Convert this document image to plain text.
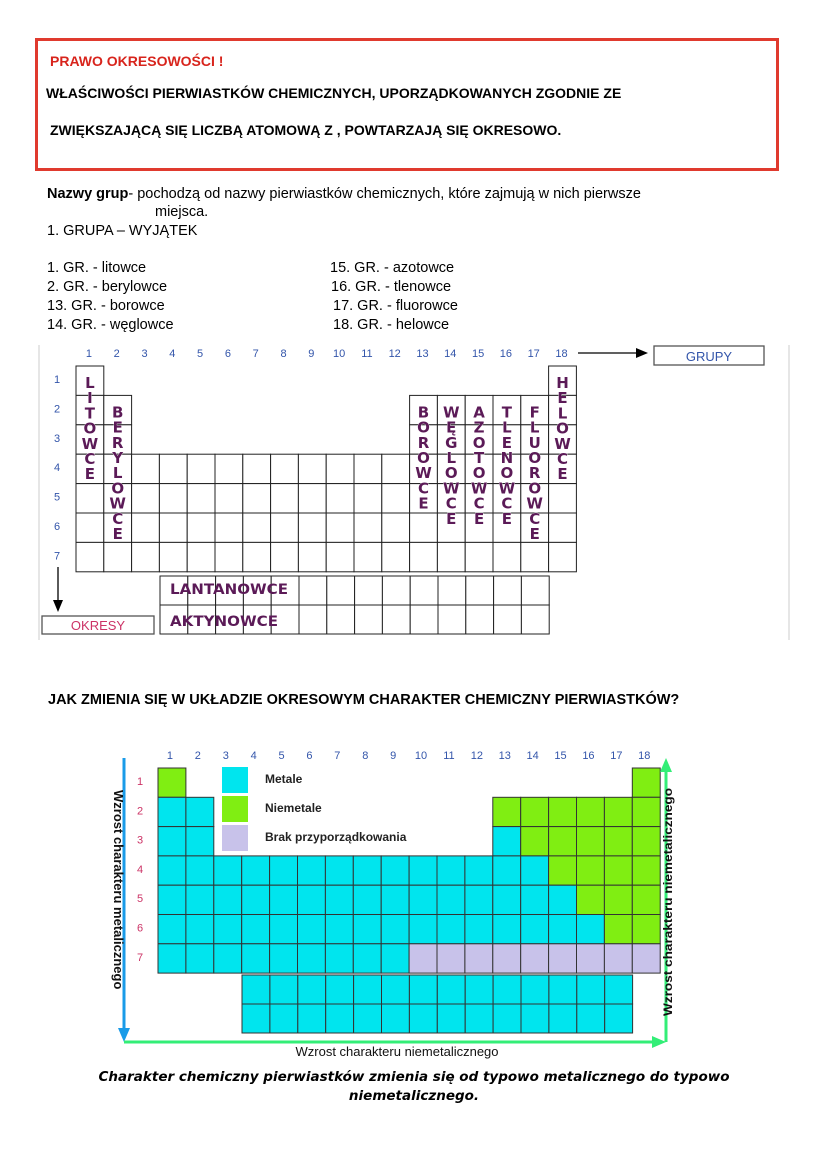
PRAWO OKRESOWOŚCI !
WŁAŚCIWOŚCI PIERWIASTKÓW CHEMICZNYCH, UPORZĄDKOWANYCH ZGODNIE ZE
ZWIĘKSZAJĄCĄ SIĘ LICZBĄ ATOMOWĄ Z , POWTARZAJĄ SIĘ OKRESOWO.
Nazwy grup- pochodzą od nazwy pierwiastków chemicznych, które zajmują w nich pierwsze
miejsca.
1. GRUPA – WYJĄTEK
1. GR. - litowce
2. GR. - berylowce
13. GR. - borowce
14. GR. - węglowce
15. GR. - azotowce
16. GR. - tlenowce
17. GR. - fluorowce
18. GR. - helowce
1 2 3 4 5 6 7 8 9 10 11 12 13 14 15 16 17 18
1
2
3
4
5
6
7
L
I
T
O
W
C
E
B
E
R
Y
L
O
W
C
E
B
O
R
O
W
C
E
W
Ę
G
L
O
W
C
E
A
Z
O
T
O
W
C
E
T
L
E
N
O
W
C
E
F
L
U
O
R
O
W
C
E
H
E
L
O
W
C
E
LANTANOWCE
AKTYNOWCE
GRUPY
OKRESY
JAK ZMIENIA SIĘ W UKŁADZIE OKRESOWYM CHARAKTER CHEMICZNY PIERWIASTKÓW?
1 2 3 4 5 6 7 8 9 10 11 12 13 14 15 16 17 18
1
2
3
4
5
6
7
Metale
Niemetale
Brak przyporządkowania
Wzrost charakteru metalicznego
Wzrost charakteru niemetalicznego
Wzrost charakteru niemetalicznego
Charakter chemiczny pierwiastków zmienia się od typowo metalicznego do typowo niemetalicznego.
